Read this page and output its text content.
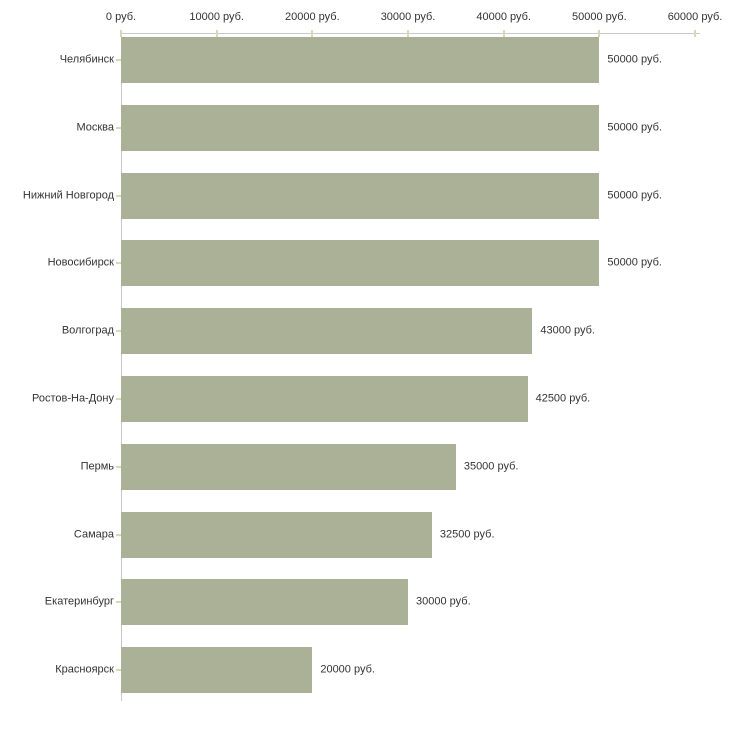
0 руб.	10000 руб.	20000 руб.	30000 руб.	40000 руб.	50000 руб.	60000 руб.
Челябинск	50000 руб.
Москва	50000 руб.
Нижний Новгород	50000 руб.
Новосибирск	50000 руб.
Волгоград	43000 руб.
Ростов-На-Дону	42500 руб.
Пермь	35000 руб.
Самара	32500 руб.
Екатеринбург	30000 руб.
Красноярск	20000 руб.
